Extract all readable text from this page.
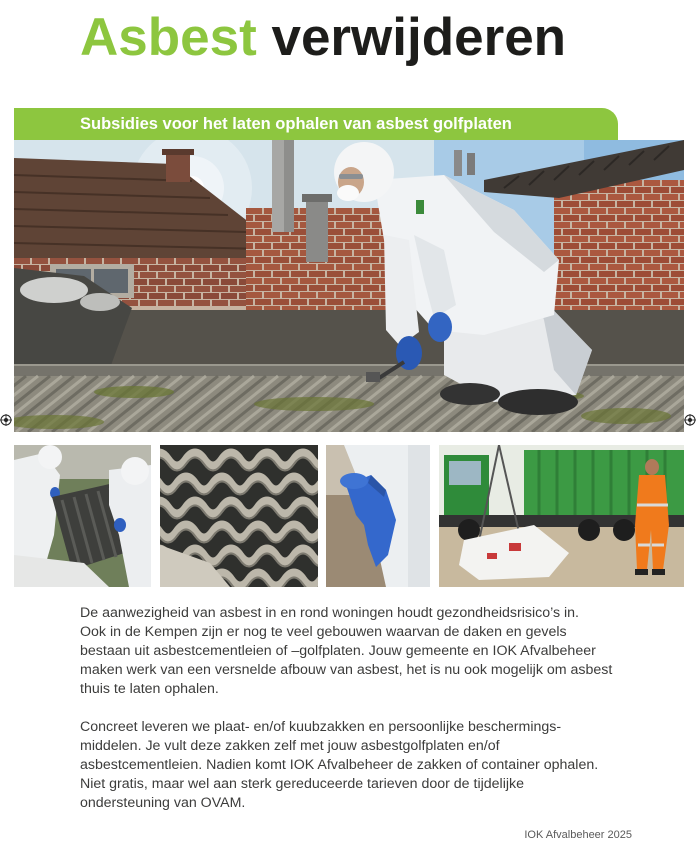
Asbest verwijderen
Subsidies voor het laten ophalen van asbest golfplaten
De aanwezigheid van asbest in en rond woningen houdt gezondheidsrisico’s in.
Ook in de Kempen zijn er nog te veel gebouwen waarvan de daken en gevels
bestaan uit asbestcementleien of –golfplaten. Jouw gemeente en IOK Afvalbeheer
maken werk van een versnelde afbouw van asbest, het is nu ook mogelijk om asbest
thuis te laten ophalen.
Concreet leveren we plaat- en/of kuubzakken en persoonlijke beschermings-
middelen. Je vult deze zakken zelf met jouw asbestgolfplaten en/of
asbestcementleien. Nadien komt IOK Afvalbeheer de zakken of container ophalen.
Niet gratis, maar wel aan sterk gereduceerde tarieven door de tijdelijke
ondersteuning van OVAM.
IOK Afvalbeheer 2025
